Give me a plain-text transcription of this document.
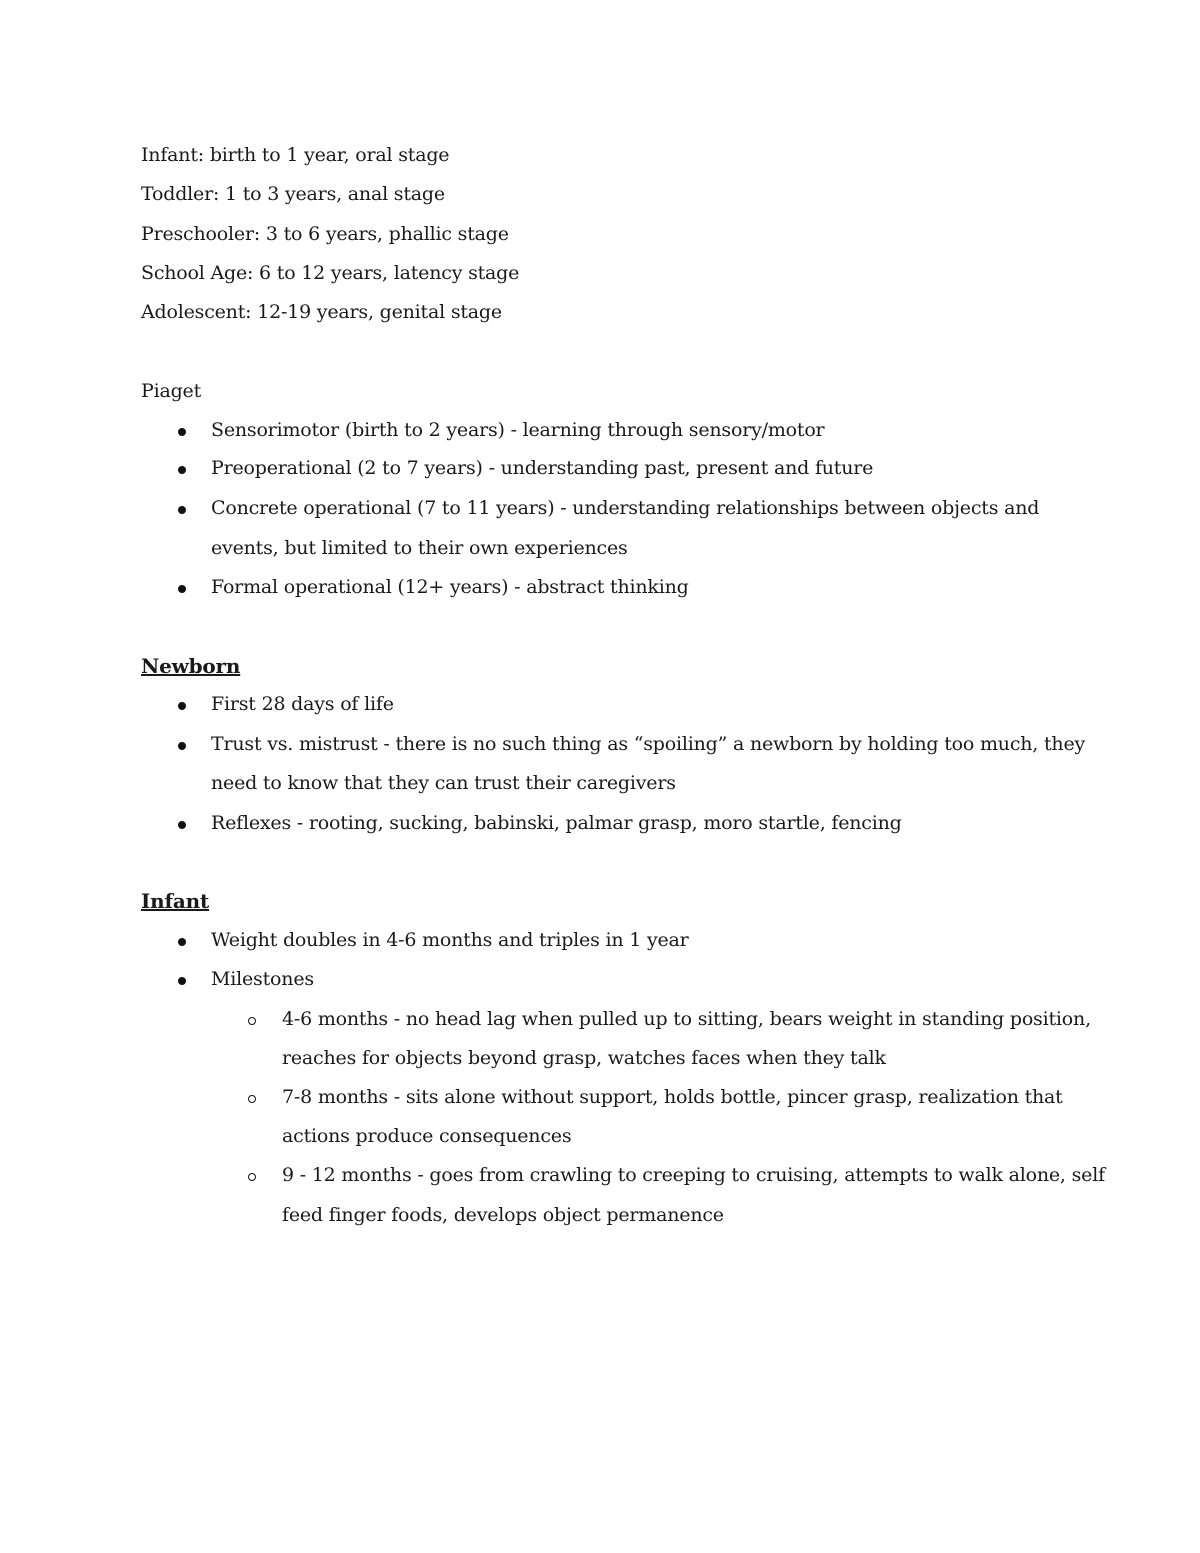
Infant: birth to 1 year, oral stage
Toddler: 1 to 3 years, anal stage
Preschooler: 3 to 6 years, phallic stage
School Age: 6 to 12 years, latency stage
Adolescent: 12-19 years, genital stage
Piaget
Sensorimotor (birth to 2 years) - learning through sensory/motor
Preoperational (2 to 7 years) - understanding past, present and future
Concrete operational (7 to 11 years) - understanding relationships between objects and
events, but limited to their own experiences
Formal operational (12+ years) - abstract thinking
Newborn
First 28 days of life
Trust vs. mistrust - there is no such thing as “spoiling” a newborn by holding too much, they
need to know that they can trust their caregivers
Reflexes - rooting, sucking, babinski, palmar grasp, moro startle, fencing
Infant
Weight doubles in 4-6 months and triples in 1 year
Milestones
4-6 months - no head lag when pulled up to sitting, bears weight in standing position,
reaches for objects beyond grasp, watches faces when they talk
7-8 months - sits alone without support, holds bottle, pincer grasp, realization that
actions produce consequences
9 - 12 months - goes from crawling to creeping to cruising, attempts to walk alone, self
feed finger foods, develops object permanence
